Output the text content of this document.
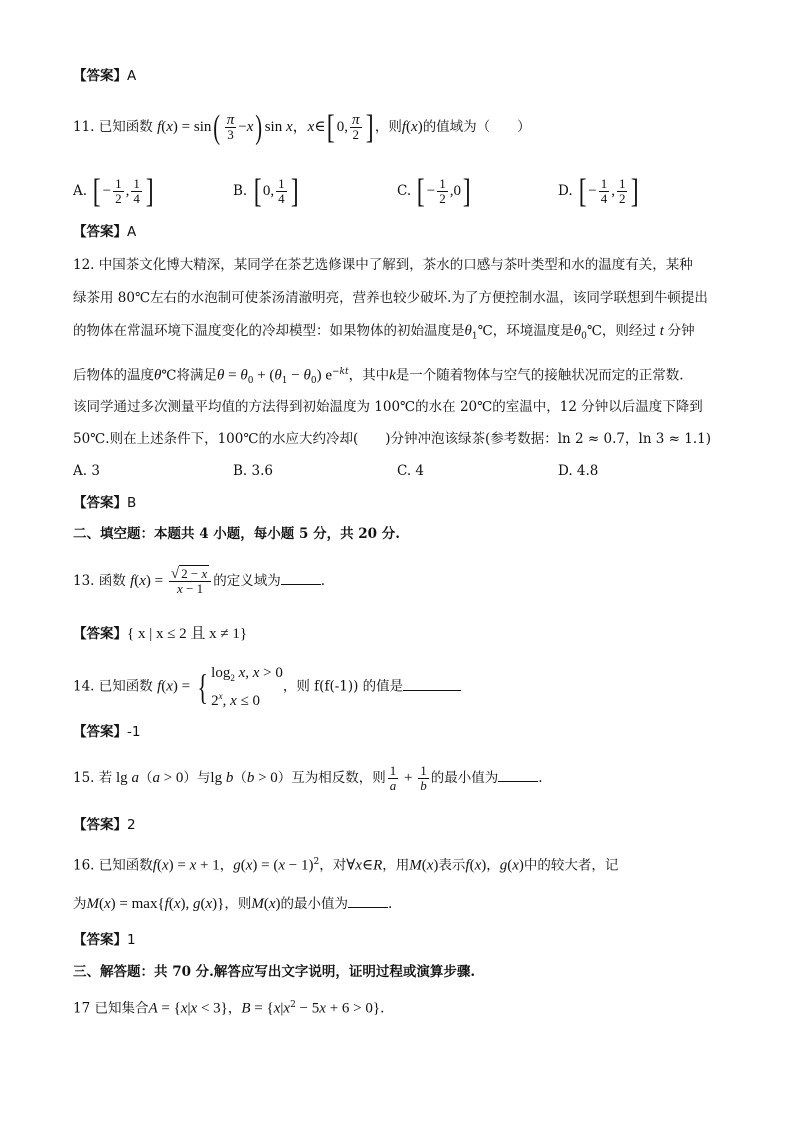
【答案】A
11. 已知函数 $f(x) = \sin( \frac{\pi}{3} -x)$ sin x，x∈[ 0, $\frac{\pi}{2}$ ] ，则f(x)的值域为（　　）
A. [ − $\frac{1}{2}$ , $\frac{1}{4}$ ]	B. [ 0, $\frac{1}{4}$ ]	C. [ − $\frac{1}{2} ,0$]	D. [ − $\frac{1}{4}$ , $\frac{1}{2}$ ]
【答案】A
12. 中国茶文化博大精深，某同学在茶艺选修课中了解到，茶水的口感与茶叶类型和水的温度有关，某种
绿茶用 80℃左右的水泡制可使茶汤清澈明亮，营养也较少破坏.为了方便控制水温，该同学联想到牛顿提出
的物体在常温环境下温度变化的冷却模型：如果物体的初始温度是$\theta_1℃$，环境温度是$\theta_0℃$，则经过 t 分钟
后物体的温度θ℃将满足$\theta = \theta_0 + (\theta_1 - \theta_0)$ $e^{-kt}$，其中k是一个随着物体与空气的接触状况而定的正常数.
该同学通过多次测量平均值的方法得到初始温度为 100℃的水在 20℃的室温中，12 分钟以后温度下降到
50℃.则在上述条件下，100℃的水应大约冷却(　　)分钟冲泡该绿茶(参考数据：ln 2 ≈ 0.7，ln 3 ≈ 1.1)
A. 3	B. 3.6	C. 4	D. 4.8
【答案】B
二、填空题：本题共 4 小题，每小题 5 分，共 20 分.
13. 函数 $f(x) = \frac{√ 2 - x}{x - 1}$ 的定义域为	.
【答案】{ x | x ≤ 2 且 x ≠ 1}
14. 已知函数 f(x) = { $\log_2 x$, x > 0
2$^x$, x ≤ 0
，则 f(f(-1)) 的值是
【答案】-1
15. 若 lg a（a > 0）与lg b（b > 0）互为相反数，则 $\frac{1}{a} + \frac{1}{b}$ 的最小值为	.
【答案】2
16. 已知函数f(x) = x + 1，$g(x) = (x - 1)^2$，对∀x∈R，用M(x)表示f(x)，g(x)中的较大者，记
为M(x) = max{f(x), g(x)}，则M(x)的最小值为	.
【答案】1
三、解答题：共 70 分.解答应写出文字说明，证明过程或演算步骤.
17 已知集合A = {x|x < 3}，$B = \{x|x^2 - 5x + 6 > 0\}$.
